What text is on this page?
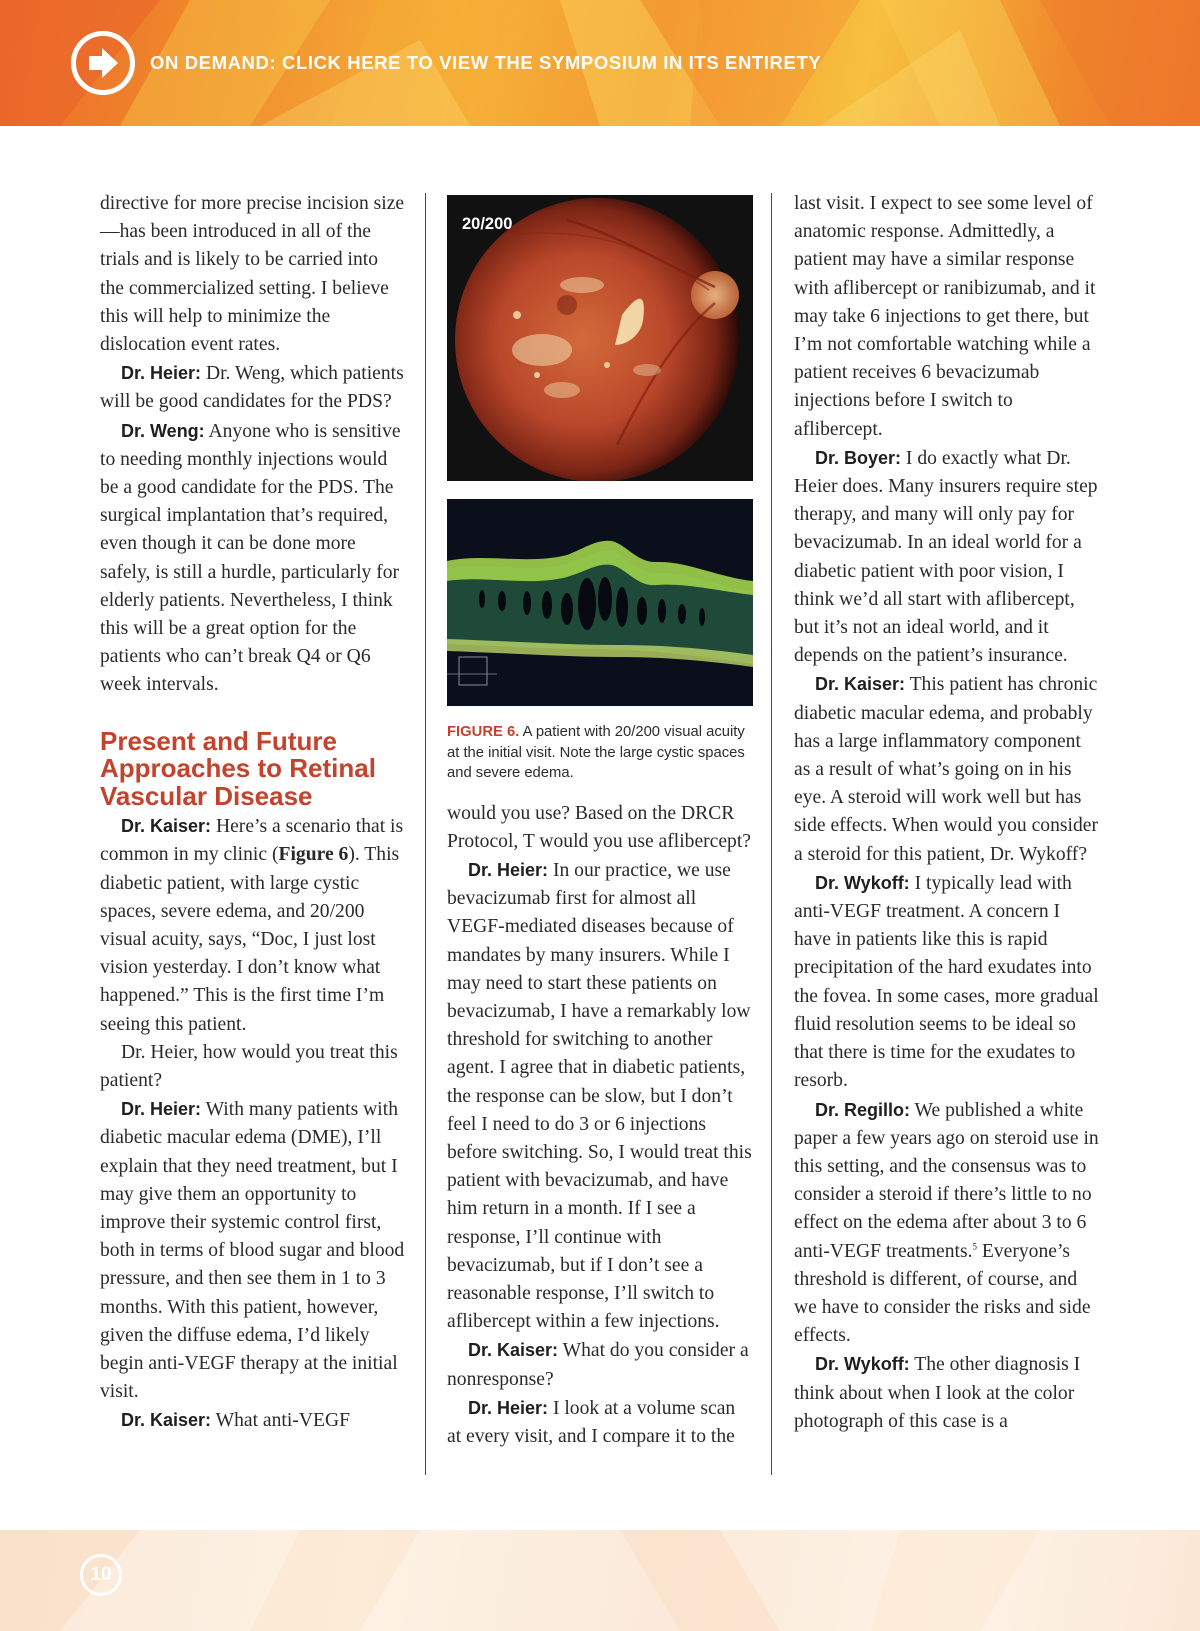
ON DEMAND: CLICK HERE TO VIEW THE SYMPOSIUM IN ITS ENTIRETY

directive for more precise incision size—has been introduced in all of the trials and is likely to be carried into the commercialized setting. I believe this will help to minimize the dislocation event rates.

Dr. Heier: Dr. Weng, which patients will be good candidates for the PDS?

Dr. Weng: Anyone who is sensitive to needing monthly injections would be a good candidate for the PDS. The surgical implantation that’s required, even though it can be done more safely, is still a hurdle, particularly for elderly patients. Nevertheless, I think this will be a great option for the patients who can’t break Q4 or Q6 week intervals.

Present and Future Approaches to Retinal Vascular Disease

Dr. Kaiser: Here’s a scenario that is common in my clinic (Figure 6). This diabetic patient, with large cystic spaces, severe edema, and 20/200 visual acuity, says, “Doc, I just lost vision yesterday. I don’t know what happened.” This is the first time I’m seeing this patient.

Dr. Heier, how would you treat this patient?

Dr. Heier: With many patients with diabetic macular edema (DME), I’ll explain that they need treatment, but I may give them an opportunity to improve their systemic control first, both in terms of blood sugar and blood pressure, and then see them in 1 to 3 months. With this patient, however, given the diffuse edema, I’d likely begin anti-VEGF therapy at the initial visit.

Dr. Kaiser: What anti-VEGF

20/200
FIGURE 6. A patient with 20/200 visual acuity at the initial visit. Note the large cystic spaces and severe edema.

would you use? Based on the DRCR Protocol, T would you use aflibercept?

Dr. Heier: In our practice, we use bevacizumab first for almost all VEGF-mediated diseases because of mandates by many insurers. While I may need to start these patients on bevacizumab, I have a remarkably low threshold for switching to another agent. I agree that in diabetic patients, the response can be slow, but I don’t feel I need to do 3 or 6 injections before switching. So, I would treat this patient with bevacizumab, and have him return in a month. If I see a response, I’ll continue with bevacizumab, but if I don’t see a reasonable response, I’ll switch to aflibercept within a few injections.

Dr. Kaiser: What do you consider a nonresponse?

Dr. Heier: I look at a volume scan at every visit, and I compare it to the

last visit. I expect to see some level of anatomic response. Admittedly, a patient may have a similar response with aflibercept or ranibizumab, and it may take 6 injections to get there, but I’m not comfortable watching while a patient receives 6 bevacizumab injections before I switch to aflibercept.

Dr. Boyer: I do exactly what Dr. Heier does. Many insurers require step therapy, and many will only pay for bevacizumab. In an ideal world for a diabetic patient with poor vision, I think we’d all start with aflibercept, but it’s not an ideal world, and it depends on the patient’s insurance.

Dr. Kaiser: This patient has chronic diabetic macular edema, and probably has a large inflammatory component as a result of what’s going on in his eye. A steroid will work well but has side effects. When would you consider a steroid for this patient, Dr. Wykoff?

Dr. Wykoff: I typically lead with anti-VEGF treatment. A concern I have in patients like this is rapid precipitation of the hard exudates into the fovea. In some cases, more gradual fluid resolution seems to be ideal so that there is time for the exudates to resorb.

Dr. Regillo: We published a white paper a few years ago on steroid use in this setting, and the consensus was to consider a steroid if there’s little to no effect on the edema after about 3 to 6 anti-VEGF treatments.$^5$ Everyone’s threshold is different, of course, and we have to consider the risks and side effects.

Dr. Wykoff: The other diagnosis I think about when I look at the color photograph of this case is a

10
